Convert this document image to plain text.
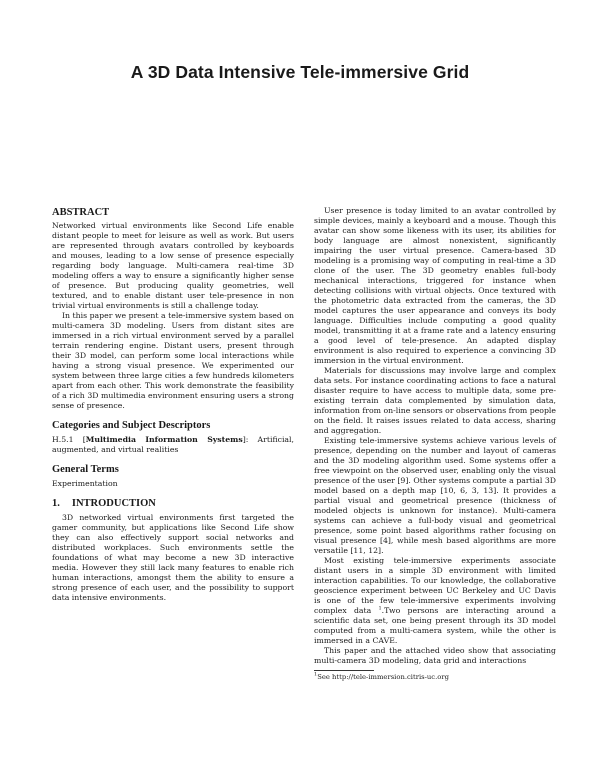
A 3D Data Intensive Tele-immersive Grid
ABSTRACT

Networked virtual environments like Second Life enable distant people to meet for leisure as well as work. But users are represented through avatars controlled by keyboards and mouses, leading to a low sense of presence especially regarding body language. Multi-camera real-time 3D modeling offers a way to ensure a significantly higher sense of presence. But producing quality geometries, well textured, and to enable distant user tele-presence in non trivial virtual environments is still a challenge today.

In this paper we present a tele-immersive system based on multi-camera 3D modeling. Users from distant sites are immersed in a rich virtual environment served by a parallel terrain rendering engine. Distant users, present through their 3D model, can perform some local interactions while having a strong visual presence. We experimented our system between three large cities a few hundreds kilometers apart from each other. This work demonstrate the feasibility of a rich 3D multimedia environment ensuring users a strong sense of presence.

Categories and Subject Descriptors

H.5.1 [Multimedia Information Systems]: Artificial, augmented, and virtual realities

General Terms

Experimentation

1. INTRODUCTION

3D networked virtual environments first targeted the gamer community, but applications like Second Life show they can also effectively support social networks and distributed workplaces. Such environments settle the foundations of what may become a new 3D interactive media. However they still lack many features to enable rich human interactions, amongst them the ability to ensure a strong presence of each user, and the possibility to support data intensive environments.

User presence is today limited to an avatar controlled by simple devices, mainly a keyboard and a mouse. Though this avatar can show some likeness with its user, its abilities for body language are almost nonexistent, significantly impairing the user virtual presence. Camera-based 3D modeling is a promising way of computing in real-time a 3D clone of the user. The 3D geometry enables full-body mechanical interactions, triggered for instance when detecting collisions with virtual objects. Once textured with the photometric data extracted from the cameras, the 3D model captures the user appearance and conveys its body language. Difficulties include computing a good quality model, transmitting it at a frame rate and a latency ensuring a good level of tele-presence. An adapted display environment is also required to experience a convincing 3D immersion in the virtual environment.

Materials for discussions may involve large and complex data sets. For instance coordinating actions to face a natural disaster require to have access to multiple data, some pre-existing terrain data complemented by simulation data, information from on-line sensors or observations from people on the field. It raises issues related to data access, sharing and aggregation.

Existing tele-immersive systems achieve various levels of presence, depending on the number and layout of cameras and the 3D modeling algorithm used. Some systems offer a free viewpoint on the observed user, enabling only the visual presence of the user [9]. Other systems compute a partial 3D model based on a depth map [10, 6, 3, 13]. It provides a partial visual and geometrical presence (thickness of modeled objects is unknown for instance). Multi-camera systems can achieve a full-body visual and geometrical presence, some point based algorithms rather focusing on visual presence [4], while mesh based algorithms are more versatile [11, 12].

Most existing tele-immersive experiments associate distant users in a simple 3D environment with limited interaction capabilities. To our knowledge, the collaborative geoscience experiment between UC Berkeley and UC Davis is one of the few tele-immersive experiments involving complex data $^1$.Two persons are interacting around a scientific data set, one being present through its 3D model computed from a multi-camera system, while the other is immersed in a CAVE.

This paper and the attached video show that associating multi-camera 3D modeling, data grid and interactions

$^1$See http://tele-immersion.citris-uc.org
